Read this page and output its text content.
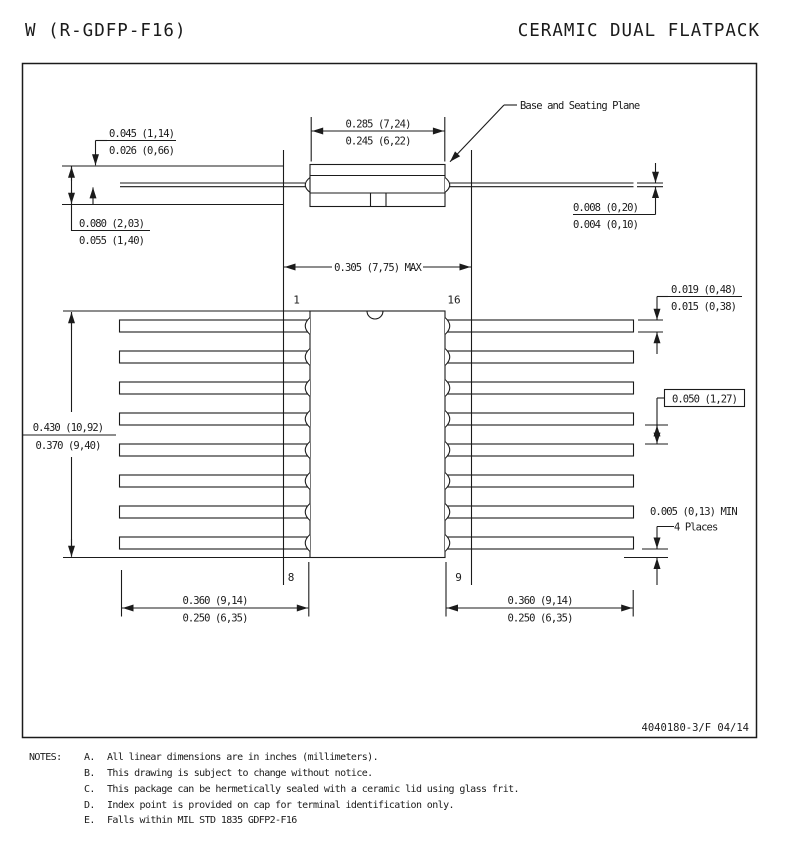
W (R-GDFP-F16)	CERAMIC DUAL FLATPACK
0.080 (2,03)
0.055 (1,40)
0.045 (1,14)
0.026 (0,66)
0.008 (0,20)
0.004 (0,10)
Base and Seating Plane
0.285 (7,24)
0.245 (6,22)
0.305 (7,75) MAX
1	16
8	9
0.430 (10,92)
0.370 (9,40)
0.360 (9,14)
0.250 (6,35)
0.360 (9,14)
0.250 (6,35)
0.019 (0,48)
0.015 (0,38)
0.050 (1,27)
0.005 (0,13) MIN
4 Places
4040180-3/F 04/14
NOTES: A. All linear dimensions are in inches (millimeters).
B. This drawing is subject to change without notice.
C. This package can be hermetically sealed with a ceramic lid using glass frit.
D. Index point is provided on cap for terminal identification only.
E. Falls within MIL STD 1835 GDFP2-F16
